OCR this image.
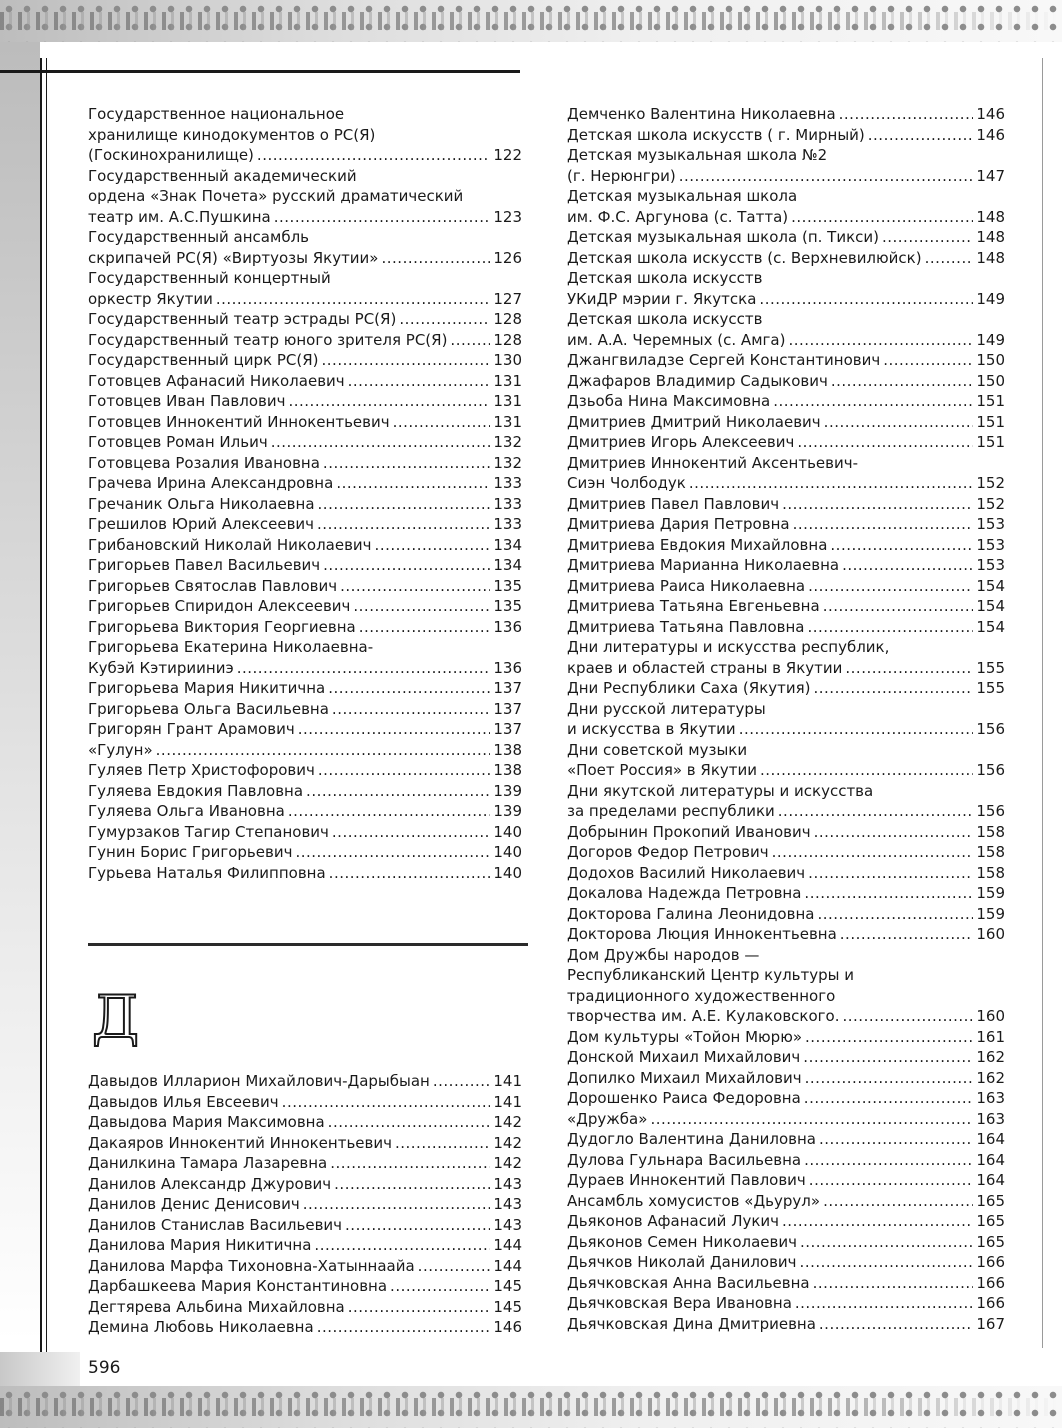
Государственное национальное
хранилище кинодокументов о РС(Я)
(Госкинохранилище) .....	122
Государственный академический
ордена «Знак Почета» русский драматический
театр им. А.С.Пушкина .....	123
Государственный ансамбль
скрипачей РС(Я) «Виртуозы Якутии» .....	126
Государственный концертный
оркестр Якутии .....	127
Государственный театр эстрады РС(Я) .....	128
Государственный театр юного зрителя РС(Я) .....	128
Государственный цирк РС(Я) .....	130
Готовцев Афанасий Николаевич .....	131
Готовцев Иван Павлович .....	131
Готовцев Иннокентий Иннокентьевич .....	131
Готовцев Роман Ильич .....	132
Готовцева Розалия Ивановна .....	132
Грачева Ирина Александровна .....	133
Гречаник Ольга Николаевна .....	133
Грешилов Юрий Алексеевич .....	133
Грибановский Николай Николаевич .....	134
Григорьев Павел Васильевич .....	134
Григорьев Святослав Павлович .....	135
Григорьев Спиридон Алексеевич .....	135
Григорьева Виктория Георгиевна .....	136
Григорьева Екатерина Николаевна-
Кубэй Кэтирииниэ .....	136
Григорьева Мария Никитична .....	137
Григорьева Ольга Васильевна .....	137
Григорян Грант Арамович .....	137
«Гулун» .....	138
Гуляев Петр Христофорович .....	138
Гуляева Евдокия Павловна .....	139
Гуляева Ольга Ивановна .....	139
Гумурзаков Тагир Степанович .....	140
Гунин Борис Григорьевич .....	140
Гурьева Наталья Филипповна .....	140
Д
Давыдов Илларион Михайлович-Дарыбыан .....	141
Давыдов Илья Евсеевич .....	141
Давыдова Мария Максимовна .....	142
Дакаяров Иннокентий Иннокентьевич .....	142
Данилкина Тамара Лазаревна .....	142
Данилов Александр Джурович .....	143
Данилов Денис Денисович .....	143
Данилов Станислав Васильевич .....	143
Данилова Мария Никитична .....	144
Данилова Марфа Тихоновна-Хатыннаайа .....	144
Дарбашкеева Мария Константиновна .....	145
Дегтярева Альбина Михайловна .....	145
Демина Любовь Николаевна .....	146
Демченко Валентина Николаевна .....	146
Детская школа искусств ( г. Мирный) .....	146
Детская музыкальная школа №2
(г. Нерюнгри) .....	147
Детская музыкальная школа
им. Ф.С. Аргунова (с. Татта) .....	148
Детская музыкальная школа (п. Тикси) .....	148
Детская школа искусств (с. Верхневилюйск) .....	148
Детская школа искусств
УКиДР мэрии г. Якутска .....	149
Детская школа искусств
им. А.А. Черемных (с. Амга) .....	149
Джангвиладзе Сергей Константинович .....	150
Джафаров Владимир Садыкович .....	150
Дзьоба Нина Максимовна .....	151
Дмитриев Дмитрий Николаевич .....	151
Дмитриев Игорь Алексеевич .....	151
Дмитриев Иннокентий Аксентьевич-
Сиэн Чолбодук .....	152
Дмитриев Павел Павлович .....	152
Дмитриева Дария Петровна .....	153
Дмитриева Евдокия Михайловна .....	153
Дмитриева Марианна Николаевна .....	153
Дмитриева Раиса Николаевна .....	154
Дмитриева Татьяна Евгеньевна .....	154
Дмитриева Татьяна Павловна .....	154
Дни литературы и искусства республик,
краев и областей страны в Якутии .....	155
Дни Республики Саха (Якутия) .....	155
Дни русской литературы
и искусства в Якутии .....	156
Дни советской музыки
«Поет Россия» в Якутии .....	156
Дни якутской литературы и искусства
за пределами республики .....	156
Добрынин Прокопий Иванович .....	158
Догоров Федор Петрович .....	158
Додохов Василий Николаевич .....	158
Докалова Надежда Петровна .....	159
Докторова Галина Леонидовна .....	159
Докторова Люция Иннокентьевна .....	160
Дом Дружбы народов —
Республиканский Центр культуры и
традиционного художественного
творчества им. А.Е. Кулаковского. .....	160
Дом культуры «Тойон Мюрю» .....	161
Донской Михаил Михайлович .....	162
Допилко Михаил Михайлович .....	162
Дорошенко Раиса Федоровна .....	163
«Дружба» .....	163
Дудогло Валентина Даниловна .....	164
Дулова Гульнара Васильевна .....	164
Дураев Иннокентий Павлович .....	164
Ансамбль хомусистов «Дьурул» .....	165
Дьяконов Афанасий Лукич .....	165
Дьяконов Семен Николаевич .....	165
Дьячков Николай Данилович .....	166
Дьячковская Анна Васильевна .....	166
Дьячковская Вера Ивановна .....	166
Дьячковская Дина Дмитриевна .....	167
596
